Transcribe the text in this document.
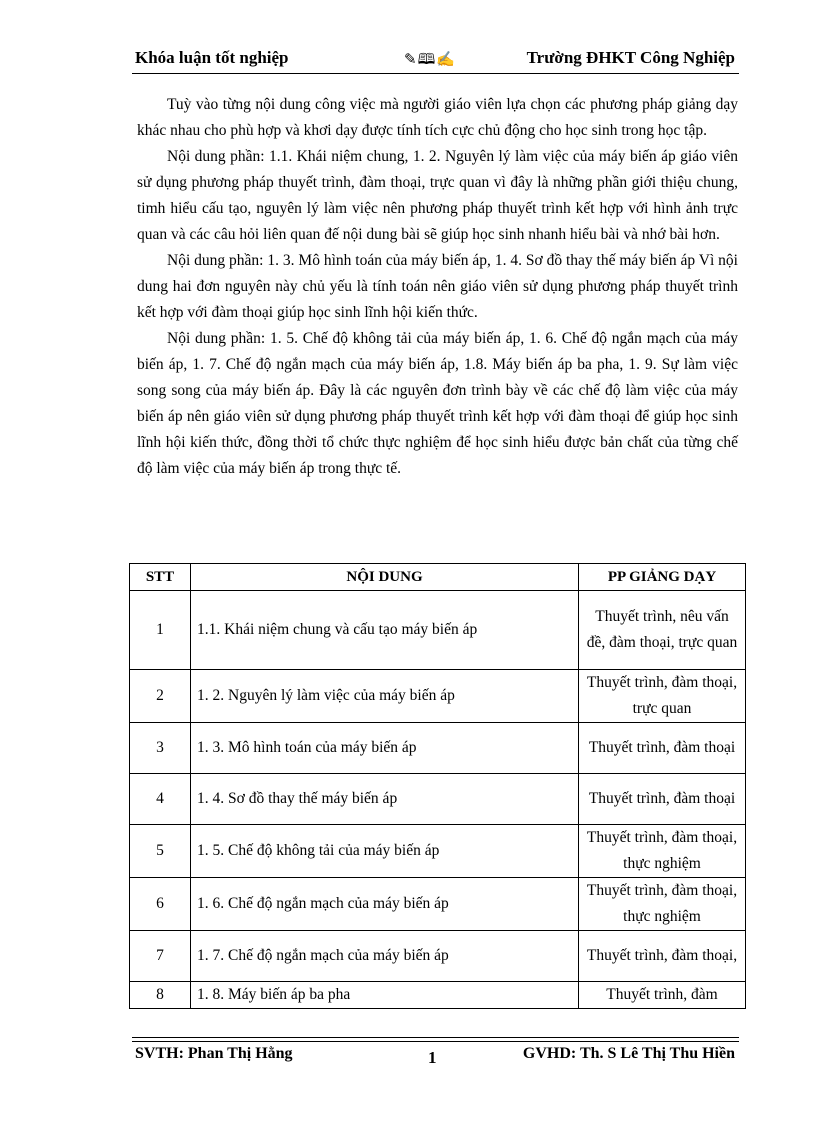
Khóa luận tốt nghiệp	✎🕮✍	Trường ĐHKT Công Nghiệp

Tuỳ vào từng nội dung công việc mà người giáo viên lựa chọn các phương pháp giảng dạy khác nhau cho phù hợp và khơi dạy được tính tích cực chủ động cho học sinh trong học tập.

Nội dung phần: 1.1. Khái niệm chung, 1. 2. Nguyên lý làm việc của máy biến áp giáo viên sử dụng phương pháp thuyết trình, đàm thoại, trực quan vì đây là những phần giới thiệu chung, timh hiểu cấu tạo, nguyên lý làm việc nên phương pháp thuyết trình kết hợp với hình ảnh trực quan và các câu hỏi liên quan đế nội dung bài sẽ giúp học sinh nhanh hiểu bài và nhớ bài hơn.

Nội dung phần: 1. 3. Mô hình toán của máy biến áp, 1. 4. Sơ đồ thay thế máy biến áp Vì nội dung hai đơn nguyên này chủ yếu là tính toán nên giáo viên sử dụng phương pháp thuyết trình kết hợp với đàm thoại giúp học sinh lĩnh hội kiến thức.

Nội dung phần: 1. 5. Chế độ không tải của máy biến áp, 1. 6. Chế độ ngắn mạch của máy biến áp, 1. 7. Chế độ ngắn mạch của máy biến áp, 1.8. Máy biến áp ba pha, 1. 9. Sự làm việc song song của máy biến áp. Đây là các nguyên đơn trình bày về các chế độ làm việc của máy biến áp nên giáo viên sử dụng phương pháp thuyết trình kết hợp với đàm thoại để giúp học sinh lĩnh hội kiến thức, đồng thời tổ chức thực nghiệm để học sinh hiểu được bản chất của từng chế độ làm việc của máy biến áp trong thực tế.

STT	NỘI DUNG	PP GIẢNG DẠY
1	1.1. Khái niệm chung và cấu tạo máy biến áp	Thuyết trình, nêu vấn đề, đàm thoại, trực quan
2	1. 2. Nguyên lý làm việc của máy biến áp	Thuyết trình, đàm thoại, trực quan
3	1. 3. Mô hình toán của máy biến áp	Thuyết trình, đàm thoại
4	1. 4. Sơ đồ thay thế máy biến áp	Thuyết trình, đàm thoại
5	1. 5. Chế độ không tải của máy biến áp	Thuyết trình, đàm thoại, thực nghiệm
6	1. 6. Chế độ ngắn mạch của máy biến áp	Thuyết trình, đàm thoại, thực nghiệm
7	1. 7. Chế độ ngắn mạch của máy biến áp	Thuyết trình, đàm thoại,
8	1. 8. Máy biến áp ba pha	Thuyết trình, đàm
SVTH: Phan Thị Hằng	1	GVHD: Th. S Lê Thị Thu Hiền
